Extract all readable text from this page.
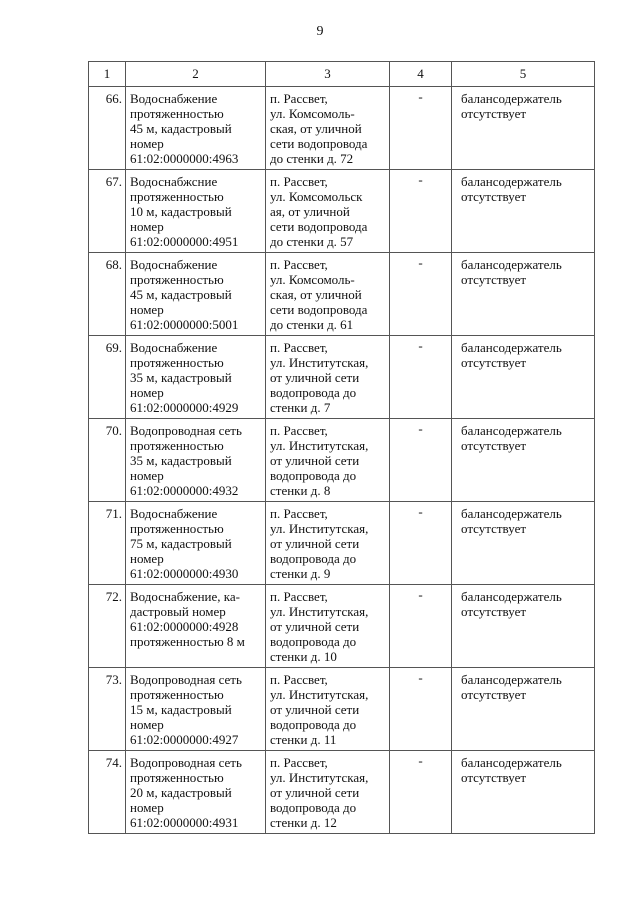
9
1	2	3	4	5

66.	Водоснабжение
протяженностью
45 м, кадастровый
номер
61:02:0000000:4963	п. Рассвет,
ул. Комсомоль-
ская, от уличной
сети водопровода
до стенки д. 72	-	балансодержатель
отсутствует

67.	Водоснабжсние
протяженностью
10 м, кадастровый
номер
61:02:0000000:4951	п. Рассвет,
ул. Комсомольск
ая, от уличной
сети водопровода
до стенки д. 57	-	балансодержатель
отсутствует

68.	Водоснабжение
протяженностью
45 м, кадастровый
номер
61:02:0000000:5001	п. Рассвет,
ул. Комсомоль-
ская, от уличной
сети водопровода
до стенки д. 61	-	балансодержатель
отсутствует

69.	Водоснабжение
протяженностью
35 м, кадастровый
номер
61:02:0000000:4929	п. Рассвет,
ул. Институтская,
от уличной сети
водопровода до
стенки д. 7	-	балансодержатель
отсутствует

70.	Водопроводная сеть
протяженностью
35 м, кадастровый
номер
61:02:0000000:4932	п. Рассвет,
ул. Институтская,
от уличной сети
водопровода до
стенки д. 8	-	балансодержатель
отсутствует

71.	Водоснабжение
протяженностью
75 м, кадастровый
номер
61:02:0000000:4930	п. Рассвет,
ул. Институтская,
от уличной сети
водопровода до
стенки д. 9	-	балансодержатель
отсутствует

72.	Водоснабжение, ка-
дастровый номер
61:02:0000000:4928
протяженностью 8 м	п. Рассвет,
ул. Институтская,
от уличной сети
водопровода до
стенки д. 10	-	балансодержатель
отсутствует

73.	Водопроводная сеть
протяженностью
15 м, кадастровый
номер
61:02:0000000:4927	п. Рассвет,
ул. Институтская,
от уличной сети
водопровода до
стенки д. 11	-	балансодержатель
отсутствует

74.	Водопроводная сеть
протяженностью
20 м, кадастровый
номер
61:02:0000000:4931	п. Рассвет,
ул. Институтская,
от уличной сети
водопровода до
стенки д. 12	-	балансодержатель
отсутствует
